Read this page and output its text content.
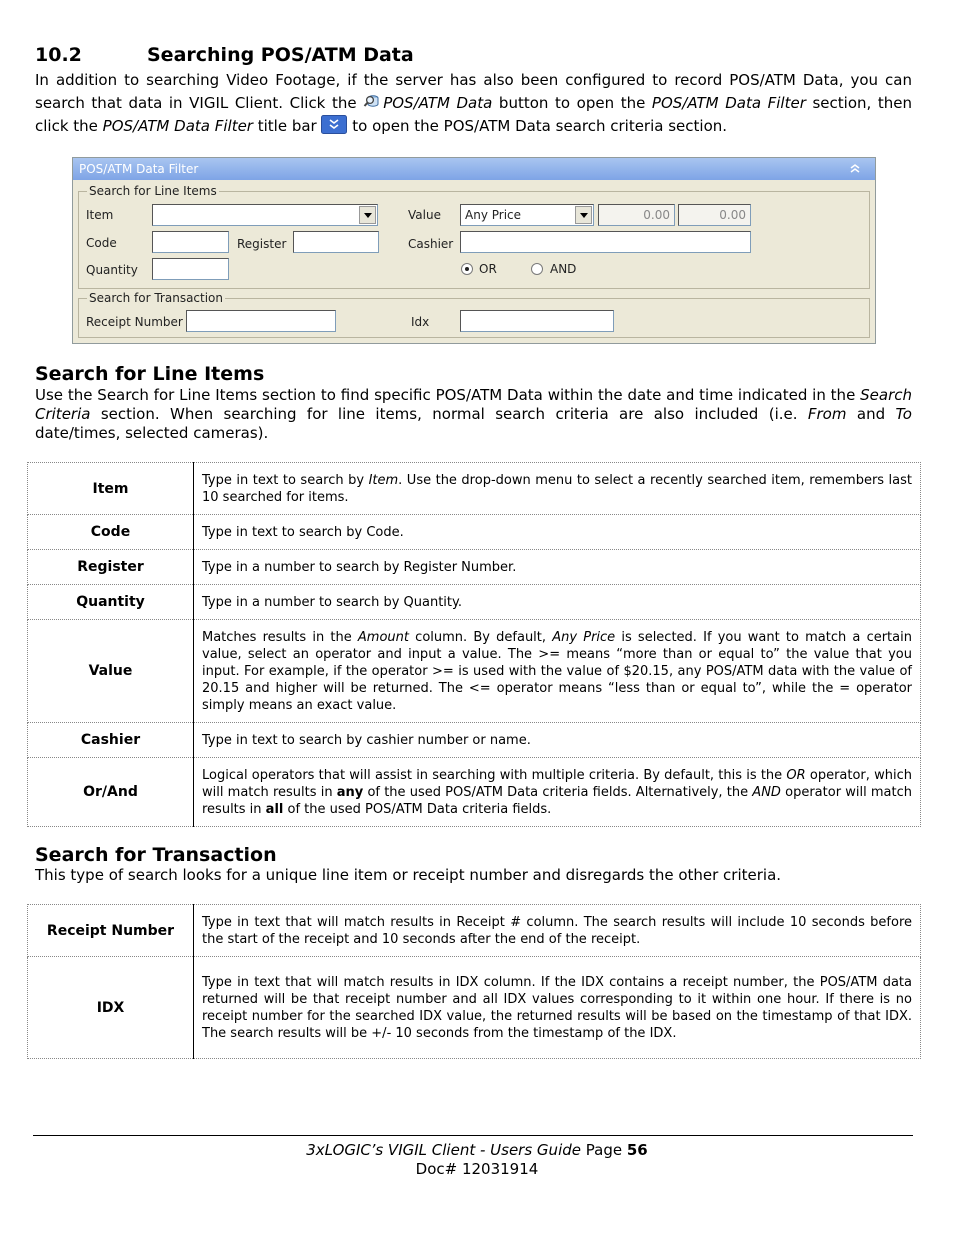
10.2	Searching POS/ATM Data

In addition to searching Video Footage, if the server has also been configured to record POS/ATM Data, you can search that data in VIGIL Client. Click the POS/ATM Data button to open the POS/ATM Data Filter section, then click the POS/ATM Data Filter title bar  to open the POS/ATM Data search criteria section.

POS/ATM Data Filter
Search for Line Items
Item
Code	Register
Quantity
Value	Any Price	0.00	0.00
Cashier
OR	AND
Search for Transaction
Receipt Number	Idx
Search for Line Items

Use the Search for Line Items section to find specific POS/ATM Data within the date and time indicated in the Search Criteria section. When searching for line items, normal search criteria are also included (i.e. From and To date/times, selected cameras).

Item	Type in text to search by Item. Use the drop-down menu to select a recently searched item, remembers last 10 searched for items.
Code	Type in text to search by Code.
Register	Type in a number to search by Register Number.
Quantity	Type in a number to search by Quantity.
Value	Matches results in the Amount column. By default, Any Price is selected. If you want to match a certain value, select an operator and input a value. The >= means “more than or equal to” the value that you input. For example, if the operator >= is used with the value of $20.15, any POS/ATM data with the value of 20.15 and higher will be returned. The <= operator means “less than or equal to”, while the = operator simply means an exact value.
Cashier	Type in text to search by cashier number or name.
Or/And	Logical operators that will assist in searching with multiple criteria. By default, this is the OR operator, which will match results in any of the used POS/ATM Data criteria fields. Alternatively, the AND operator will match results in all of the used POS/ATM Data criteria fields.
Search for Transaction

This type of search looks for a unique line item or receipt number and disregards the other criteria.

Receipt Number	Type in text that will match results in Receipt # column. The search results will include 10 seconds before the start of the receipt and 10 seconds after the end of the receipt.
IDX	Type in text that will match results in IDX column. If the IDX contains a receipt number, the POS/ATM data returned will be that receipt number and all IDX values corresponding to it within one hour. If there is no receipt number for the searched IDX value, the returned results will be based on the timestamp of that IDX. The search results will be +/- 10 seconds from the timestamp of the IDX.
3xLOGIC’s VIGIL Client - Users Guide Page 56
Doc# 12031914
